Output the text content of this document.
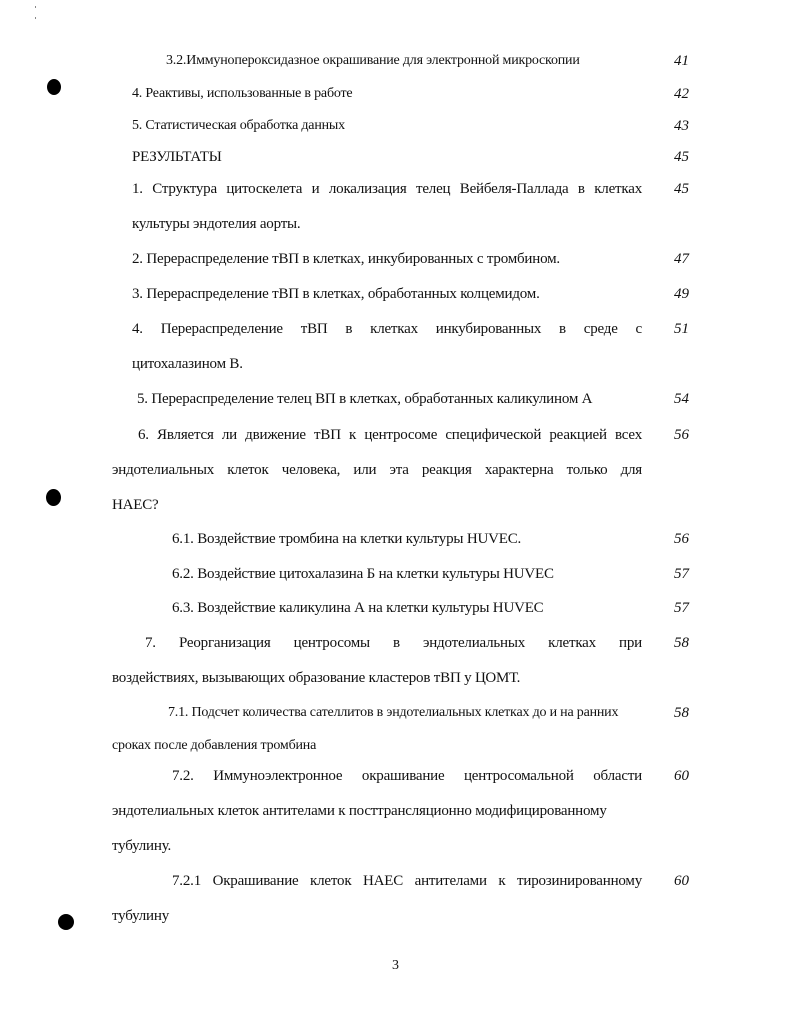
3.2.Иммунопероксидазное окрашивание для электронной микроскопии	41
4. Реактивы, использованные в работе	42
5. Статистическая обработка данных	43
РЕЗУЛЬТАТЫ	45
1. Структура цитоскелета и локализация телец Вейбеля-Паллада в клетках 45
культуры эндотелия аорты.
2. Перераспределение тВП в клетках, инкубированных с тромбином.	47
3. Перераспределение тВП в клетках, обработанных колцемидом.	49
4. Перераспределение тВП в клетках инкубированных в среде с 51
цитохалазином В.
5. Перераспределение телец ВП в клетках, обработанных каликулином А	54
6. Является ли движение тВП к центросоме специфической реакцией всех 56
эндотелиальных клеток человека, или эта реакция характерна только для
НАЕС?
6.1. Воздействие тромбина на клетки культуры HUVEC.	56
6.2. Воздействие цитохалазина Б на клетки культуры HUVEC	57
6.3. Воздействие каликулина А на клетки культуры HUVEC	57
7. Реорганизация центросомы в эндотелиальных клетках при 58
воздействиях, вызывающих образование кластеров тВП у ЦОМТ.
7.1. Подсчет количества сателлитов в эндотелиальных клетках до и на ранних	58
сроках после добавления тромбина
7.2. Иммуноэлектронное окрашивание центросомальной области 60
эндотелиальных клеток антителами к посттрансляционно модифицированному
тубулину.
7.2.1 Окрашивание клеток НАЕС антителами к тирозинированному 60
тубулину
3
